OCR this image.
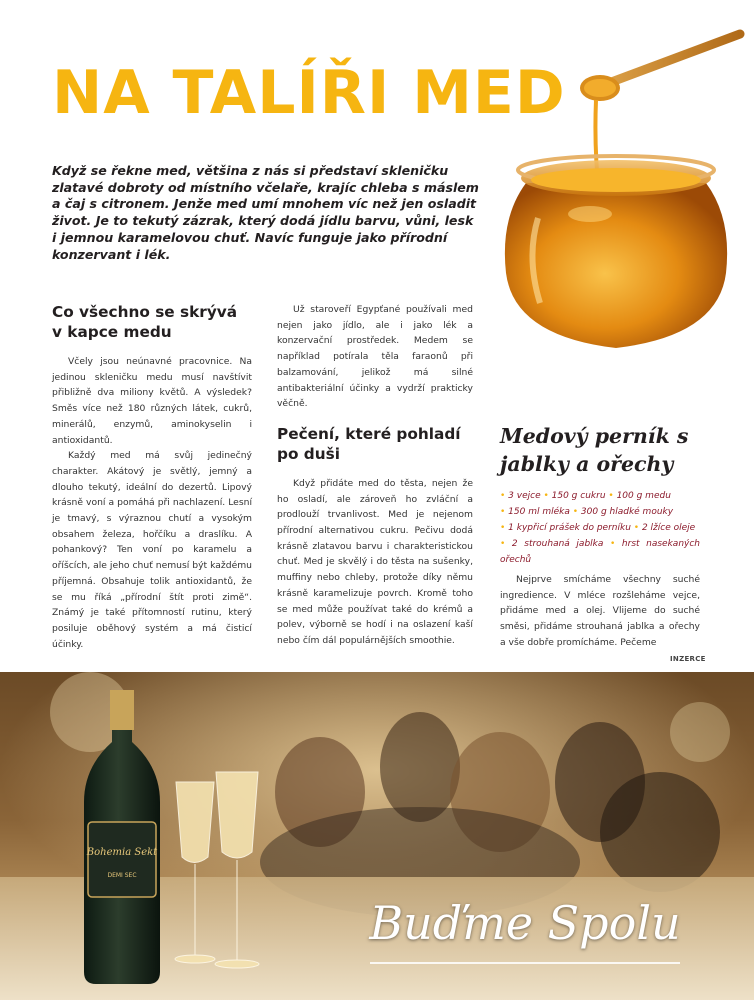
NA TALÍŘI MED
Když se řekne med, většina z nás si představí skleničku zlatavé dobroty od místního včelaře, krajíc chleba s máslem a čaj s citronem. Jenže med umí mnohem víc než jen osladit život. Je to tekutý zázrak, který dodá jídlu barvu, vůni, lesk i jemnou karamelovou chuť. Navíc funguje jako přírodní konzervant i lék.
Co všechno se skrývá v kapce medu

Včely jsou neúnavné pracovnice. Na jedinou skleničku medu musí navštívit přibližně dva miliony květů. A výsledek? Směs více než 180 různých látek, cukrů, minerálů, enzymů, aminokyselin i antioxidantů.

Každý med má svůj jedinečný charakter. Akátový je světlý, jemný a dlouho tekutý, ideální do dezertů. Lipový krásně voní a pomáhá při nachlazení. Lesní je tmavý, s výraznou chutí a vysokým obsahem železa, hořčíku a draslíku. A pohankový? Ten voní po karamelu a oříšcích, ale jeho chuť nemusí být každému příjemná. Obsahuje tolik antioxidantů, že se mu říká „přírodní štít proti zimě“. Známý je také přítomností rutinu, který posiluje oběhový systém a má čisticí účinky.

Už staroveří Egypťané používali med nejen jako jídlo, ale i jako lék a konzervační prostředek. Medem se například potírala těla faraonů při balzamování, jelikož má silné antibakteriální účinky a vydrží prakticky věčně.

Pečení, které pohladí po duši

Když přidáte med do těsta, nejen že ho osladí, ale zároveň ho zvláční a prodlouží trvanlivost. Med je nejenom přírodní alternativou cukru. Pečivu dodá krásně zlatavou barvu i charakteristickou chuť. Med je skvělý i do těsta na sušenky, muffiny nebo chleby, protože díky němu krásně karamelizuje povrch. Kromě toho se med může používat také do krémů a polev, výborně se hodí i na oslazení kaší nebo čím dál populárnějších smoothie.

Medový perník s jablky a ořechy

• 3 vejce • 150 g cukru • 100 g medu

• 150 ml mléka • 300 g hladké mouky

• 1 kypřicí prášek do perníku • 2 lžíce oleje

• 2 strouhaná jablka • hrst nasekaných ořechů

Nejprve smícháme všechny suché ingredience. V mléce rozšleháme vejce, přidáme med a olej. Vlijeme do suché směsi, přidáme strouhaná jablka a ořechy a vše dobře promícháme. Pečeme

INZERCE
Bohemia Sekt
DEMI SEC
Buďme Spolu
